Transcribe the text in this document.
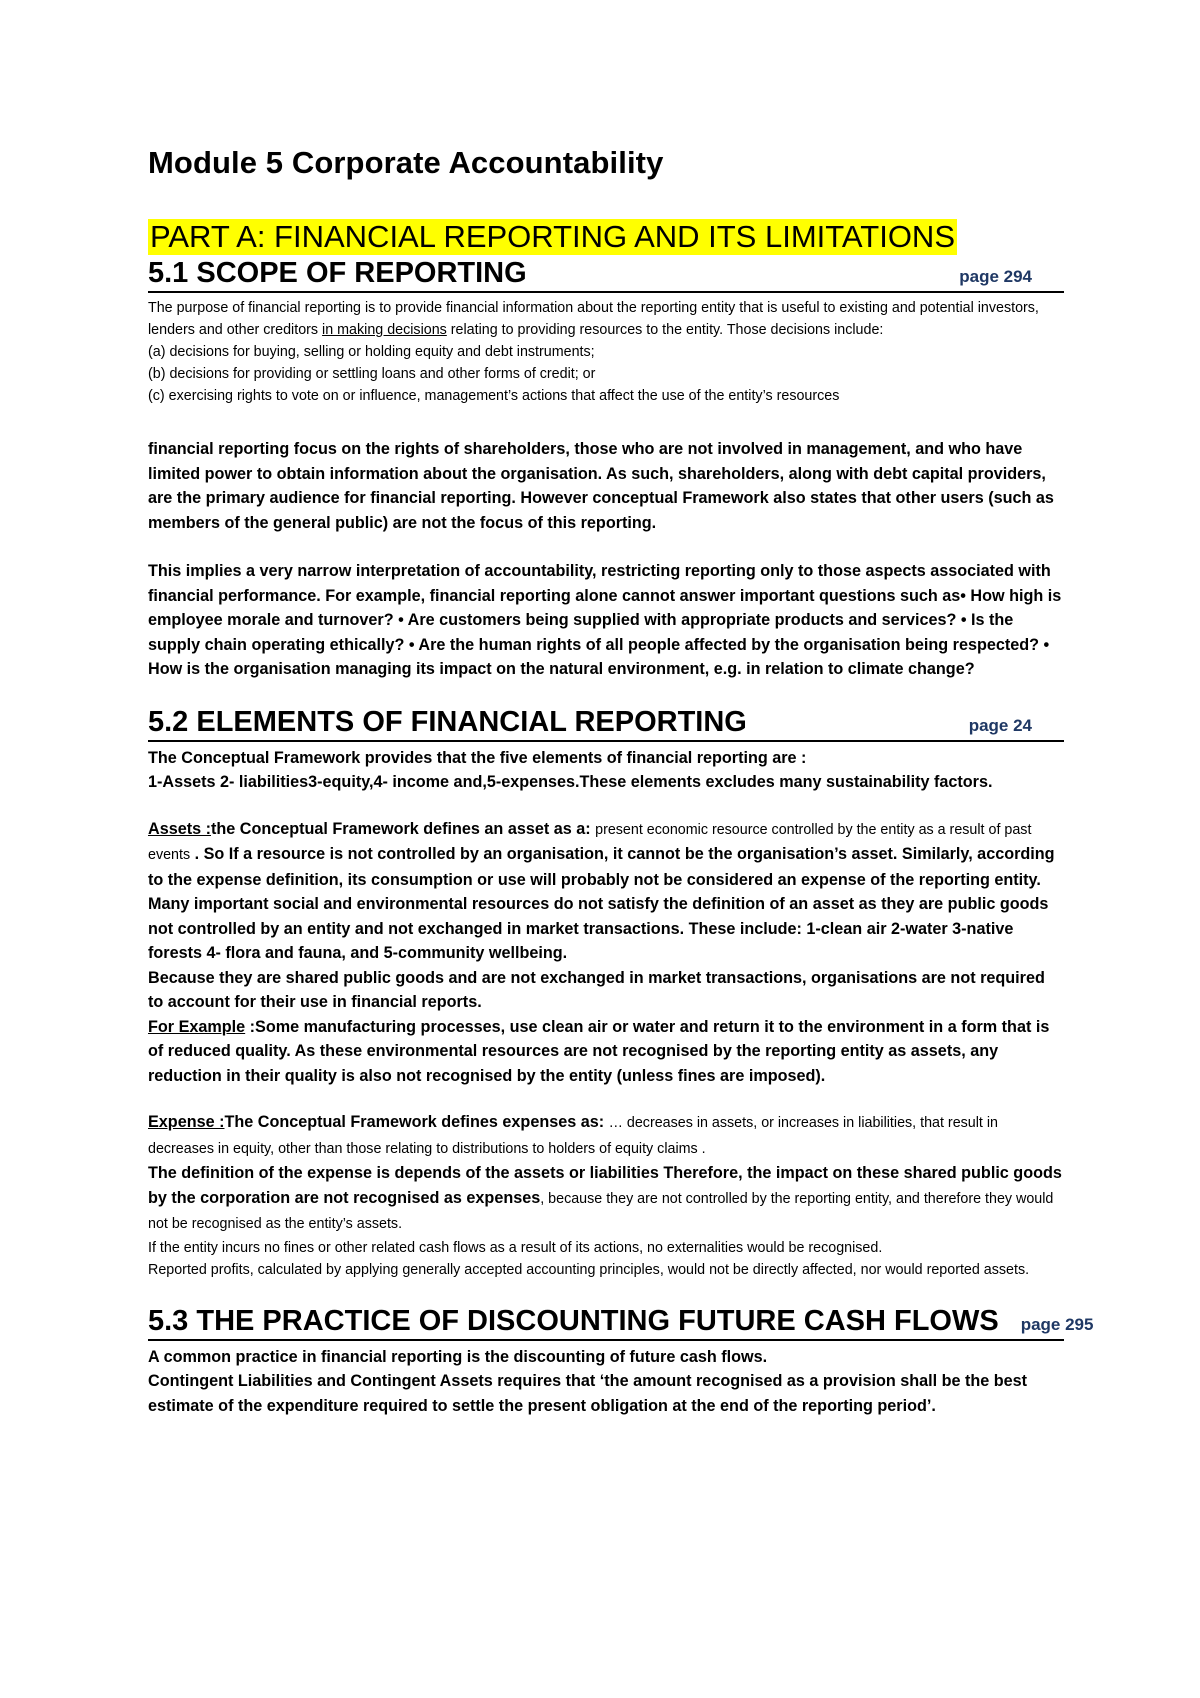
Module 5 Corporate Accountability
PART A: FINANCIAL REPORTING AND ITS LIMITATIONS
5.1 SCOPE OF REPORTING	page 294

The purpose of financial reporting is to provide financial information about the reporting entity that is useful to existing and potential investors, lenders and other creditors in making decisions relating to providing resources to the entity. Those decisions include:

(a) decisions for buying, selling or holding equity and debt instruments;

(b) decisions for providing or settling loans and other forms of credit; or

(c) exercising rights to vote on or influence, management’s actions that affect the use of the entity’s resources

financial reporting focus on the rights of shareholders, those who are not involved in management, and who have limited power to obtain information about the organisation. As such, shareholders, along with debt capital providers, are the primary audience for financial reporting. However conceptual Framework also states that other users (such as members of the general public) are not the focus of this reporting.

This implies a very narrow interpretation of accountability, restricting reporting only to those aspects associated with financial performance. For example, financial reporting alone cannot answer important questions such as• How high is employee morale and turnover? • Are customers being supplied with appropriate products and services? • Is the supply chain operating ethically? • Are the human rights of all people affected by the organisation being respected? • How is the organisation managing its impact on the natural environment, e.g. in relation to climate change?

5.2 ELEMENTS OF FINANCIAL REPORTING	page 24

The Conceptual Framework provides that the five elements of financial reporting are :

1-Assets 2- liabilities3-equity,4- income and,5-expenses.These elements excludes many sustainability factors.

Assets :the Conceptual Framework defines an asset as a: present economic resource controlled by the entity as a result of past events . So If a resource is not controlled by an organisation, it cannot be the organisation’s asset. Similarly, according to the expense definition, its consumption or use will probably not be considered an expense of the reporting entity. Many important social and environmental resources do not satisfy the definition of an asset as they are public goods not controlled by an entity and not exchanged in market transactions. These include: 1-clean air 2-water 3-native forests 4- flora and fauna, and 5-community wellbeing.

Because they are shared public goods and are not exchanged in market transactions, organisations are not required to account for their use in financial reports.

For Example :Some manufacturing processes, use clean air or water and return it to the environment in a form that is of reduced quality. As these environmental resources are not recognised by the reporting entity as assets, any reduction in their quality is also not recognised by the entity (unless fines are imposed).

Expense :The Conceptual Framework defines expenses as: … decreases in assets, or increases in liabilities, that result in decreases in equity, other than those relating to distributions to holders of equity claims .

The definition of the expense is depends of the assets or liabilities Therefore, the impact on these shared public goods by the corporation are not recognised as expenses, because they are not controlled by the reporting entity, and therefore they would not be recognised as the entity’s assets.

If the entity incurs no fines or other related cash flows as a result of its actions, no externalities would be recognised.

Reported profits, calculated by applying generally accepted accounting principles, would not be directly affected, nor would reported assets.

5.3 THE PRACTICE OF DISCOUNTING FUTURE CASH FLOWS page 295

A common practice in financial reporting is the discounting of future cash flows.

Contingent Liabilities and Contingent Assets requires that ‘the amount recognised as a provision shall be the best estimate of the expenditure required to settle the present obligation at the end of the reporting period’.
